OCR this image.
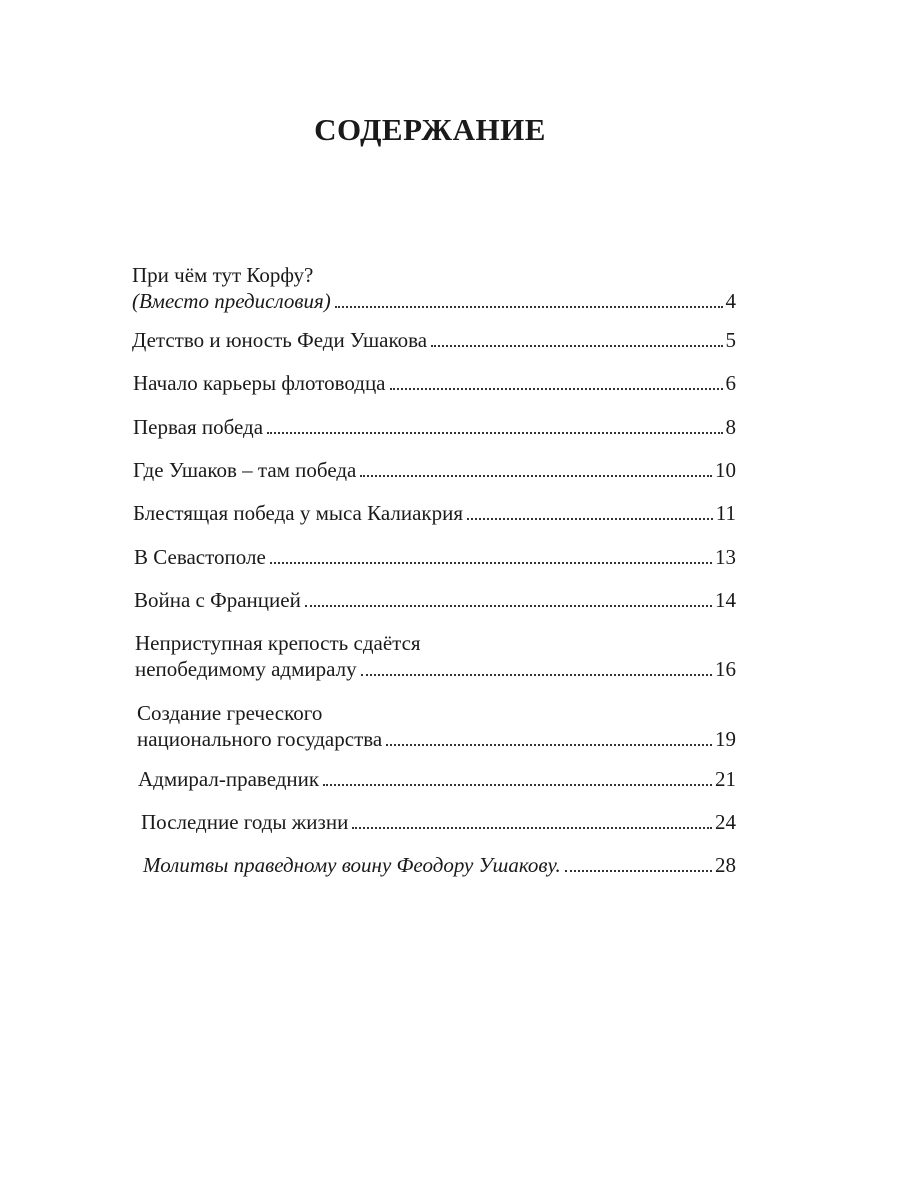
СОДЕРЖАНИЕ
При чём тут Корфу?
(Вместо предисловия)	4
Детство и юность Феди Ушакова	5
Начало карьеры флотоводца	6
Первая победа	8
Где Ушаков – там победа	10
Блестящая победа у мыса Калиакрия	11
В Севастополе	13
Война с Францией	14
Неприступная крепость сдаётся
непобедимому адмиралу	16
Создание греческого
национального государства	19
Адмирал-праведник	21
Последние годы жизни	24
Молитвы праведному воину Феодору Ушакову.	28
